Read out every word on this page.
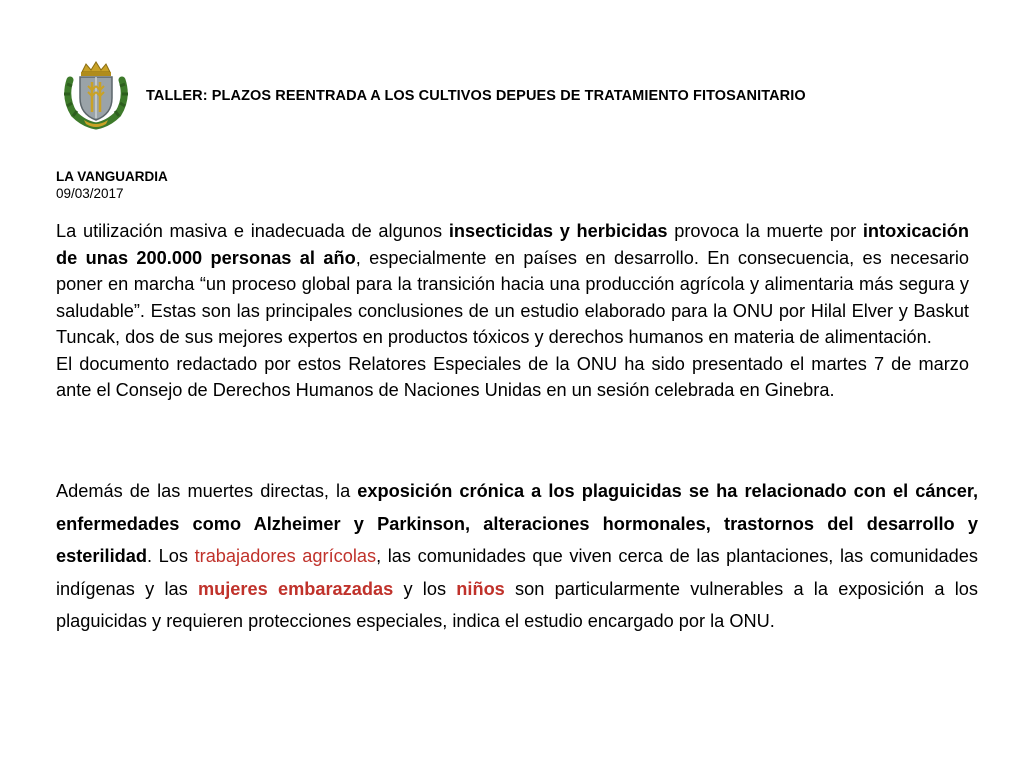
TALLER: PLAZOS REENTRADA A LOS CULTIVOS DEPUES DE TRATAMIENTO FITOSANITARIO
LA VANGUARDIA
09/03/2017

La utilización masiva e inadecuada de algunos insecticidas y herbicidas provoca la muerte por intoxicación de unas 200.000 personas al año, especialmente en países en desarrollo. En consecuencia, es necesario poner en marcha “un proceso global para la transición hacia una producción agrícola y alimentaria más segura y saludable”. Estas son las principales conclusiones de un estudio elaborado para la ONU por Hilal Elver y Baskut Tuncak, dos de sus mejores expertos en productos tóxicos y derechos humanos en materia de alimentación.

El documento redactado por estos Relatores Especiales de la ONU ha sido presentado el martes 7 de marzo ante el Consejo de Derechos Humanos de Naciones Unidas en un sesión celebrada en Ginebra.

Además de las muertes directas, la exposición crónica a los plaguicidas se ha relacionado con el cáncer, enfermedades como Alzheimer y Parkinson, alteraciones hormonales, trastornos del desarrollo y esterilidad. Los trabajadores agrícolas, las comunidades que viven cerca de las plantaciones, las comunidades indígenas y las mujeres embarazadas y los niños son particularmente vulnerables a la exposición a los plaguicidas y requieren protecciones especiales, indica el estudio encargado por la ONU.
